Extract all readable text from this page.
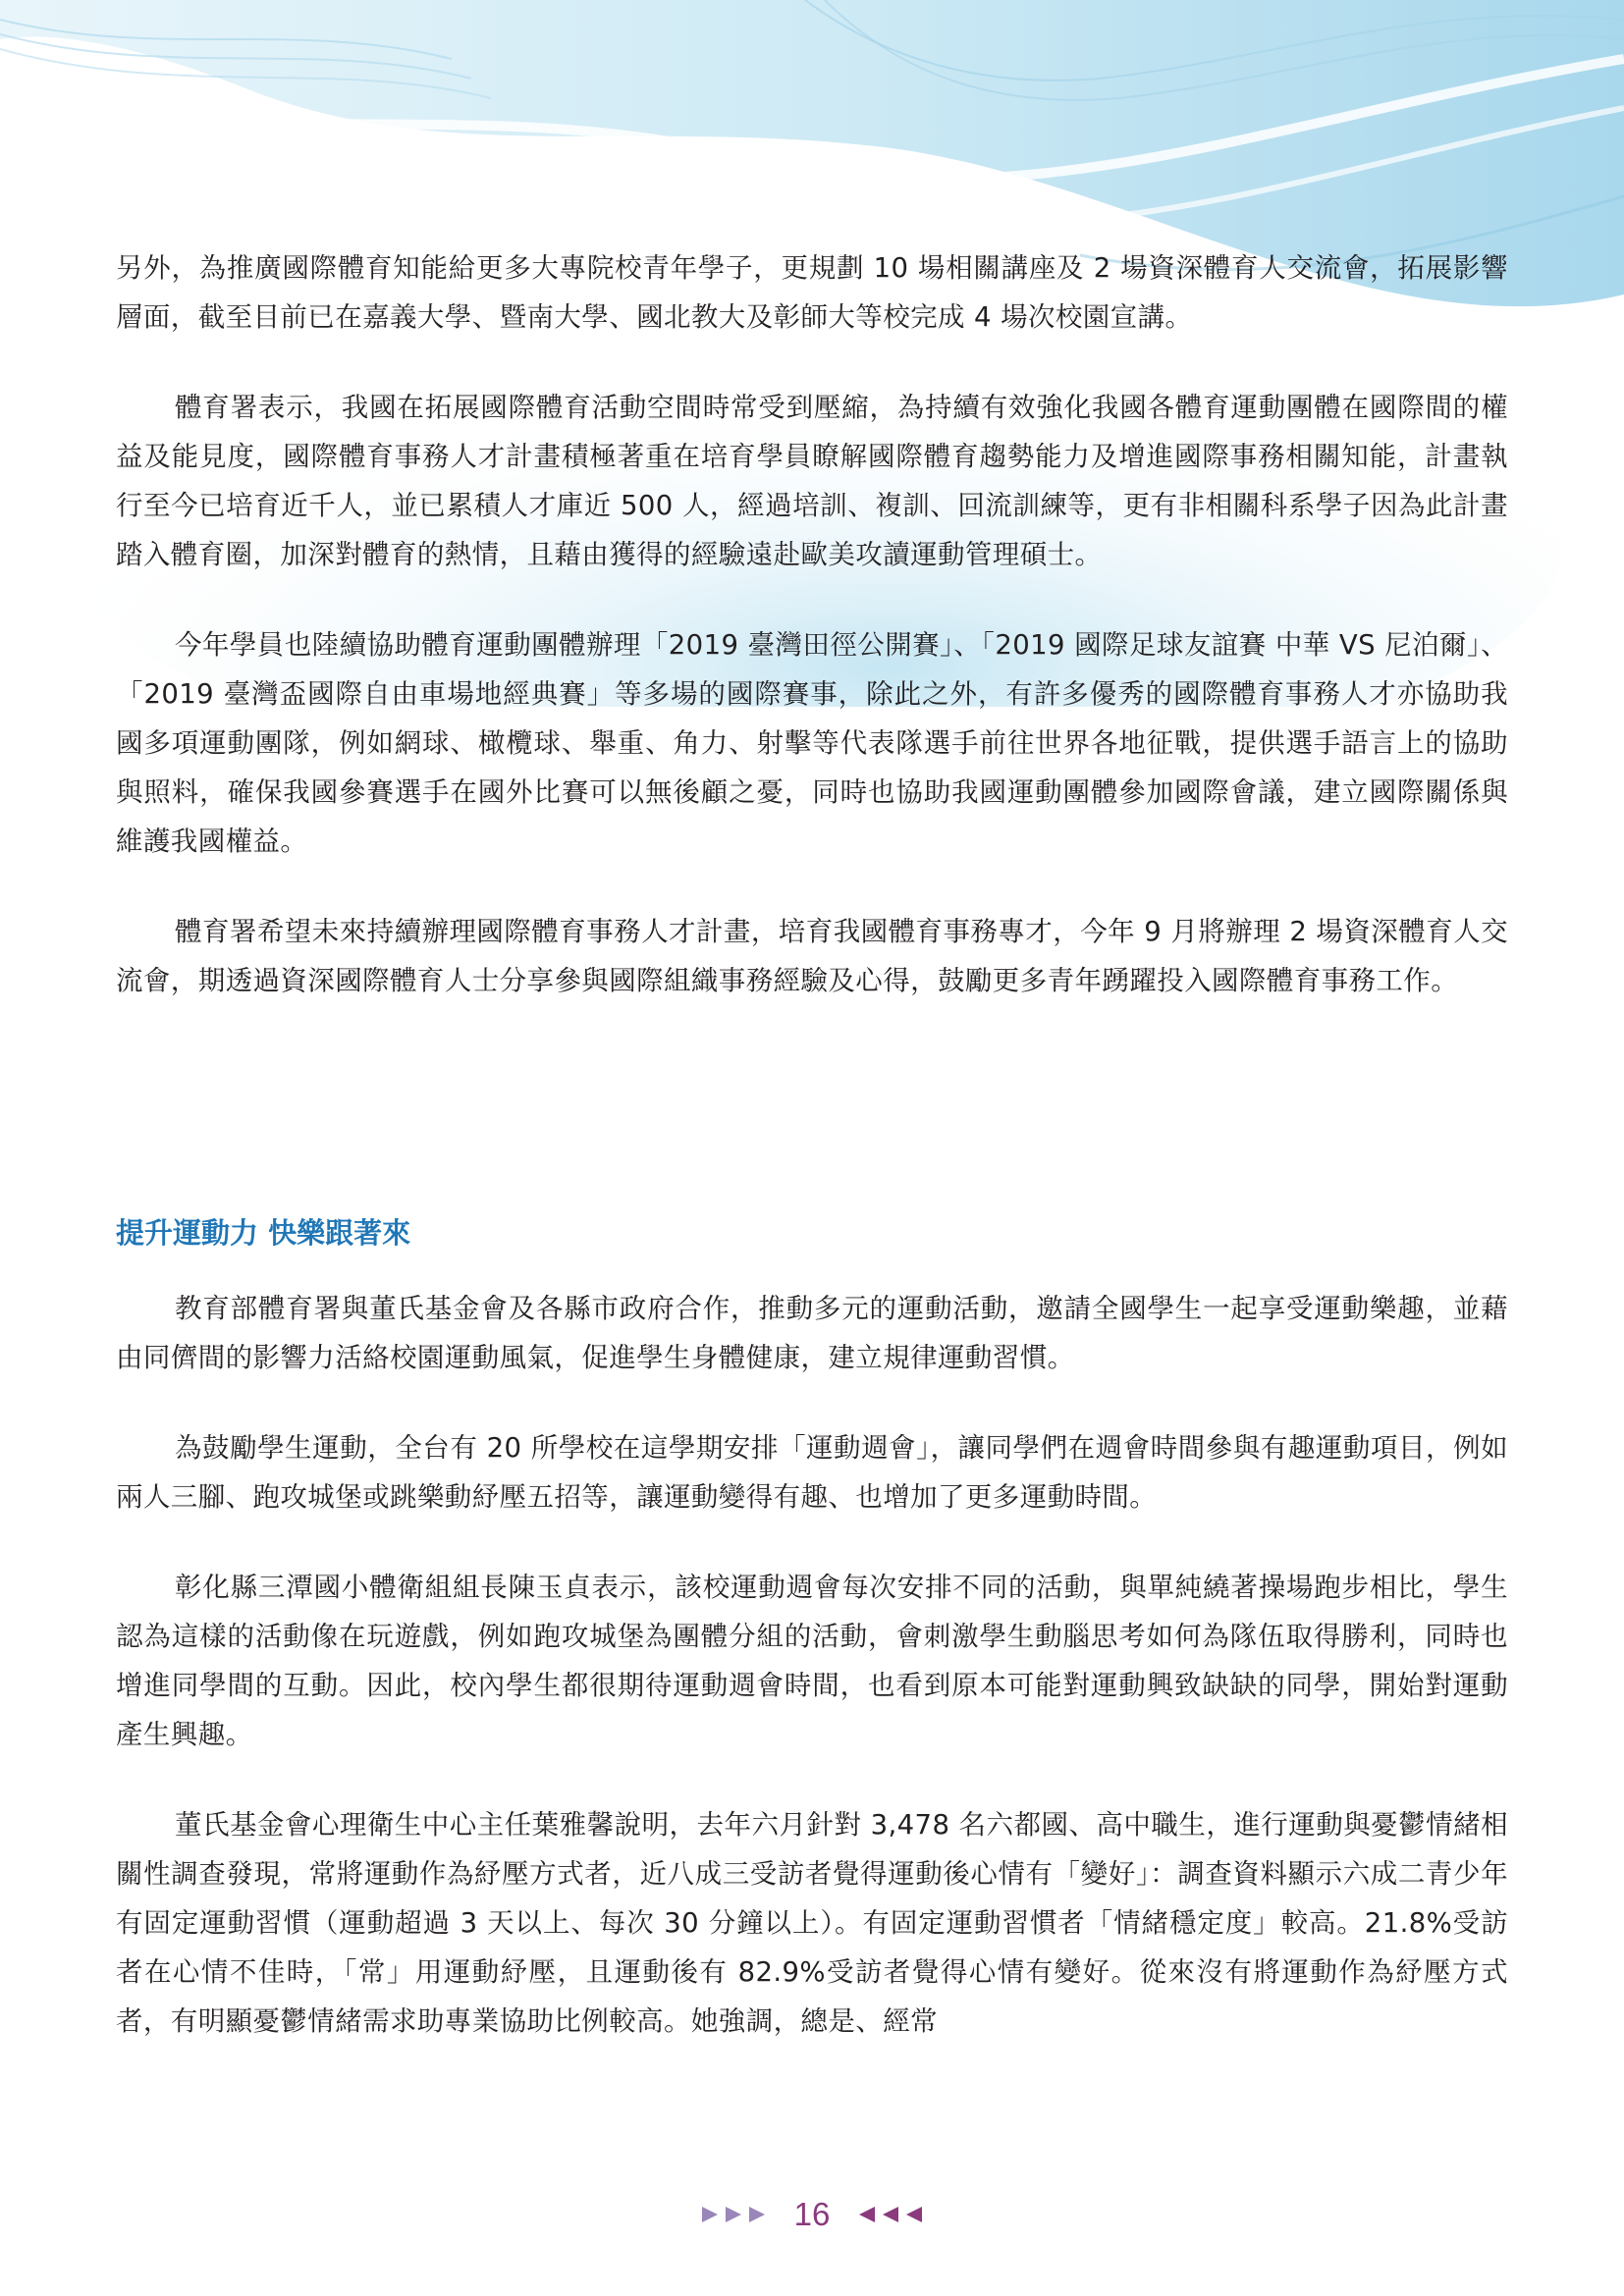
另外，為推廣國際體育知能給更多大專院校青年學子，更規劃 10 場相關講座及 2 場資深體育人交流會，拓展影響層面，截至目前已在嘉義大學、暨南大學、國北教大及彰師大等校完成 4 場次校園宣講。

體育署表示，我國在拓展國際體育活動空間時常受到壓縮，為持續有效強化我國各體育運動團體在國際間的權益及能見度，國際體育事務人才計畫積極著重在培育學員瞭解國際體育趨勢能力及增進國際事務相關知能，計畫執行至今已培育近千人，並已累積人才庫近 500 人，經過培訓、複訓、回流訓練等，更有非相關科系學子因為此計畫踏入體育圈，加深對體育的熱情，且藉由獲得的經驗遠赴歐美攻讀運動管理碩士。

今年學員也陸續協助體育運動團體辦理「2019 臺灣田徑公開賽」、「2019 國際足球友誼賽 中華 VS 尼泊爾」、「2019 臺灣盃國際自由車場地經典賽」等多場的國際賽事，除此之外，有許多優秀的國際體育事務人才亦協助我國多項運動團隊，例如網球、橄欖球、舉重、角力、射擊等代表隊選手前往世界各地征戰，提供選手語言上的協助與照料，確保我國參賽選手在國外比賽可以無後顧之憂，同時也協助我國運動團體參加國際會議，建立國際關係與維護我國權益。

體育署希望未來持續辦理國際體育事務人才計畫，培育我國體育事務專才，今年 9 月將辦理 2 場資深體育人交流會，期透過資深國際體育人士分享參與國際組織事務經驗及心得，鼓勵更多青年踴躍投入國際體育事務工作。

提升運動力 快樂跟著來

教育部體育署與董氏基金會及各縣市政府合作，推動多元的運動活動，邀請全國學生一起享受運動樂趣，並藉由同儕間的影響力活絡校園運動風氣，促進學生身體健康，建立規律運動習慣。

為鼓勵學生運動，全台有 20 所學校在這學期安排「運動週會」，讓同學們在週會時間參與有趣運動項目，例如兩人三腳、跑攻城堡或跳樂動紓壓五招等，讓運動變得有趣、也增加了更多運動時間。

彰化縣三潭國小體衛組組長陳玉貞表示，該校運動週會每次安排不同的活動，與單純繞著操場跑步相比，學生認為這樣的活動像在玩遊戲，例如跑攻城堡為團體分組的活動，會刺激學生動腦思考如何為隊伍取得勝利，同時也增進同學間的互動。因此，校內學生都很期待運動週會時間，也看到原本可能對運動興致缺缺的同學，開始對運動產生興趣。

董氏基金會心理衛生中心主任葉雅馨說明，去年六月針對 3,478 名六都國、高中職生，進行運動與憂鬱情緒相關性調查發現，常將運動作為紓壓方式者，近八成三受訪者覺得運動後心情有「變好」：調查資料顯示六成二青少年有固定運動習慣（運動超過 3 天以上、每次 30 分鐘以上）。有固定運動習慣者「情緒穩定度」較高。21.8%受訪者在心情不佳時，「常」用運動紓壓，且運動後有 82.9%受訪者覺得心情有變好。從來沒有將運動作為紓壓方式者，有明顯憂鬱情緒需求助專業協助比例較高。她強調，總是、經常

16
